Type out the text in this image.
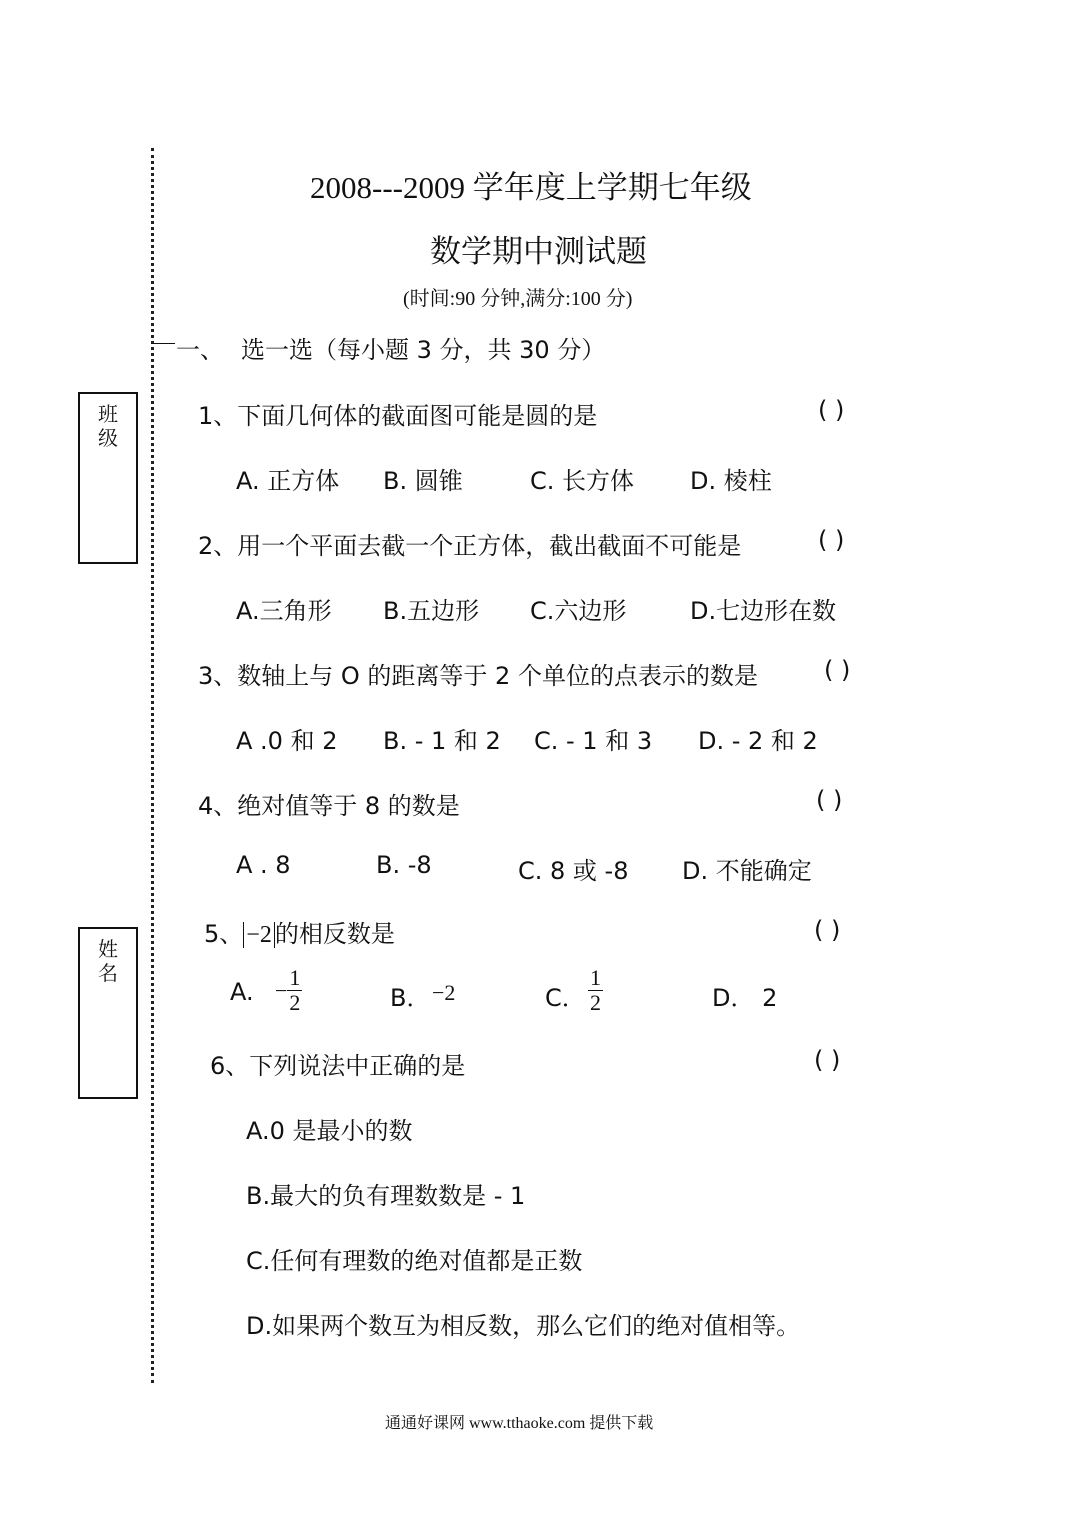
班
级
姓
名
2008---2009 学年度上学期七年级
数学期中测试题
(时间:90 分钟,满分:100 分)
一、 选一选（每小题 3 分，共 30 分）
1、下面几何体的截面图可能是圆的是	( )
A. 正方体 B. 圆锥	C. 长方体 D. 棱柱
2、用一个平面去截一个正方体，截出截面不可能是	( )
A.三角形 B.五边形 C.六边形	D.七边形在数
3、数轴上与 O 的距离等于 2 个单位的点表示的数是	( )
A .0 和 2 B. - 1 和 2 C. - 1 和 3 D. - 2 和 2
4、绝对值等于 8 的数是	( )
A . 8	B. -8	C. 8 或 -8 D. 不能确定
5、 −2 的相反数是	( )
A. − $\frac{1}{2}$	B． −2	C． $\frac{1}{2}$	D． 2
6、下列说法中正确的是	( )
A.0 是最小的数
B.最大的负有理数数是 - 1
C.任何有理数的绝对值都是正数
D.如果两个数互为相反数，那么它们的绝对值相等。
通通好课网 www.tthaoke.com 提供下载
